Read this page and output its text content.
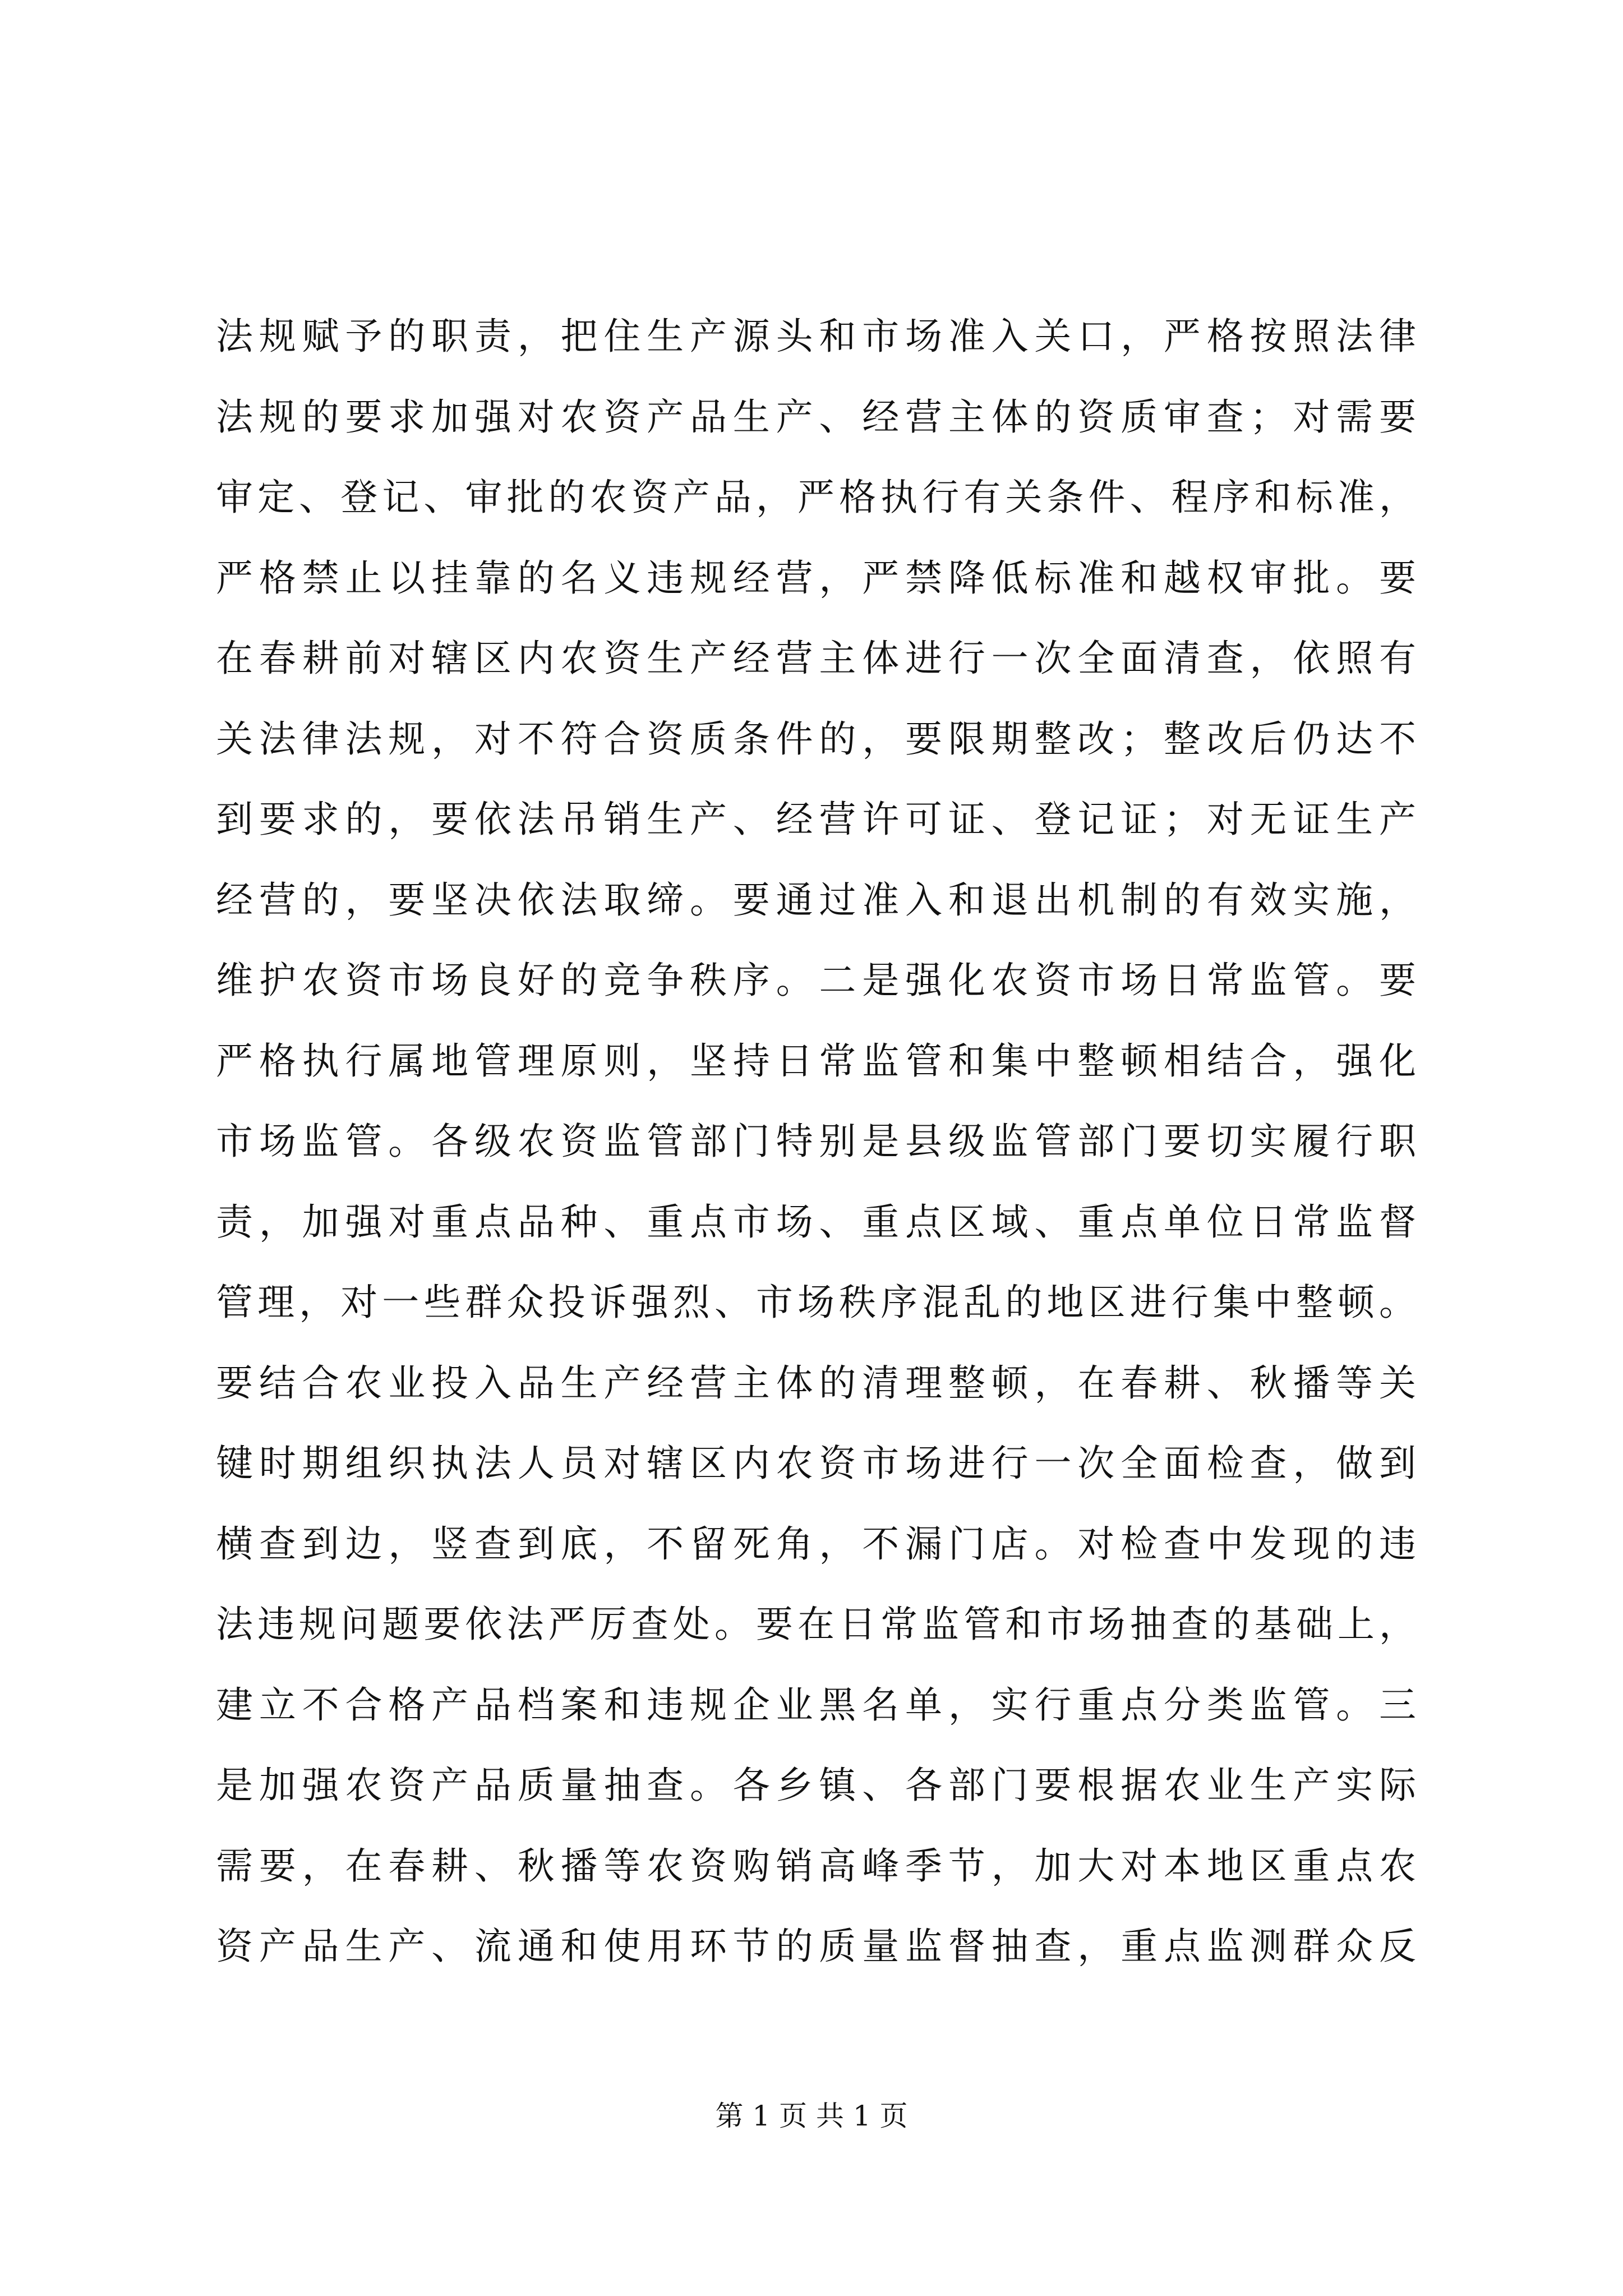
法规赋予的职责，把住生产源头和市场准入关口，严格按照法律
法规的要求加强对农资产品生产、经营主体的资质审查；对需要
审定、登记、审批的农资产品，严格执行有关条件、程序和标准，
严格禁止以挂靠的名义违规经营，严禁降低标准和越权审批。要
在春耕前对辖区内农资生产经营主体进行一次全面清查，依照有
关法律法规，对不符合资质条件的，要限期整改；整改后仍达不
到要求的，要依法吊销生产、经营许可证、登记证；对无证生产
经营的，要坚决依法取缔。要通过准入和退出机制的有效实施，
维护农资市场良好的竞争秩序。二是强化农资市场日常监管。要
严格执行属地管理原则，坚持日常监管和集中整顿相结合，强化
市场监管。各级农资监管部门特别是县级监管部门要切实履行职
责，加强对重点品种、重点市场、重点区域、重点单位日常监督
管理，对一些群众投诉强烈、市场秩序混乱的地区进行集中整顿。
要结合农业投入品生产经营主体的清理整顿，在春耕、秋播等关
键时期组织执法人员对辖区内农资市场进行一次全面检查，做到
横查到边，竖查到底，不留死角，不漏门店。对检查中发现的违
法违规问题要依法严厉查处。要在日常监管和市场抽查的基础上，
建立不合格产品档案和违规企业黑名单，实行重点分类监管。三
是加强农资产品质量抽查。各乡镇、各部门要根据农业生产实际
需要，在春耕、秋播等农资购销高峰季节，加大对本地区重点农
资产品生产、流通和使用环节的质量监督抽查，重点监测群众反
第 1 页 共 1 页
